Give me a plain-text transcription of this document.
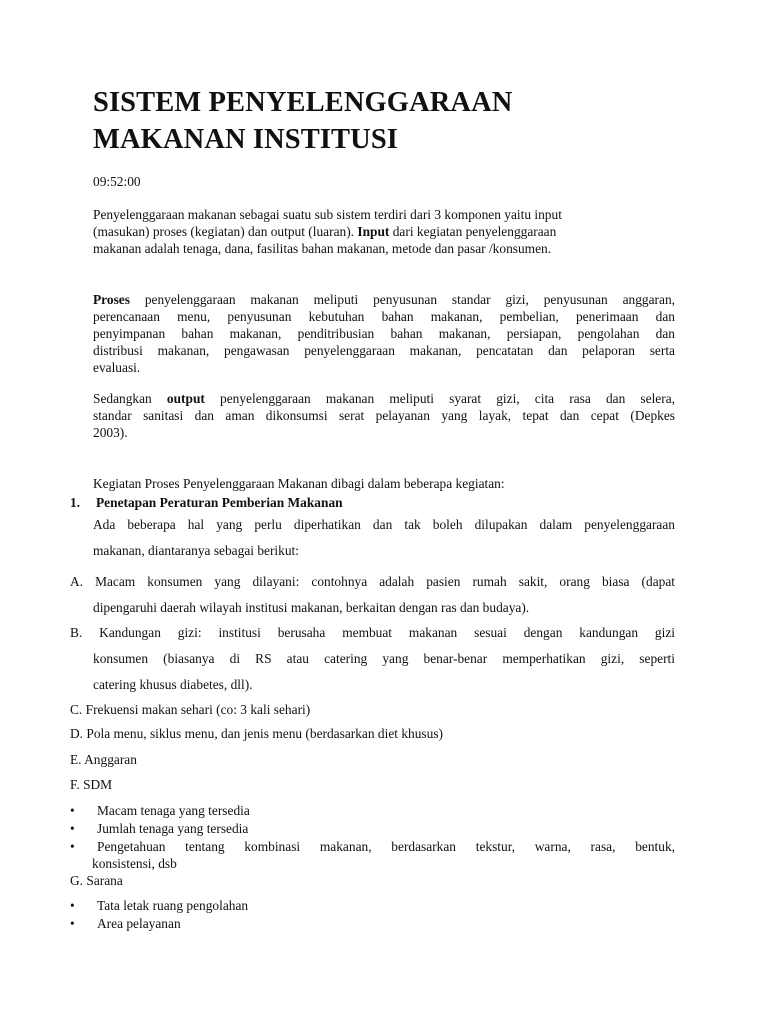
SISTEM PENYELENGGARAAN
MAKANAN INSTITUSI

09:52:00

Penyelenggaraan makanan sebagai suatu sub sistem terdiri dari 3 komponen yaitu input
(masukan) proses (kegiatan) dan output (luaran). Input dari kegiatan penyelenggaraan
makanan adalah tenaga, dana, fasilitas bahan makanan, metode dan pasar /konsumen.

Proses penyelenggaraan makanan meliputi penyusunan standar gizi, penyusunan anggaran,
perencanaan menu, penyusunan kebutuhan bahan makanan, pembelian, penerimaan dan
penyimpanan bahan makanan, penditribusian bahan makanan, persiapan, pengolahan dan
distribusi makanan, pengawasan penyelenggaraan makanan, pencatatan dan pelaporan serta
evaluasi.

Sedangkan output penyelenggaraan makanan meliputi syarat gizi, cita rasa dan selera,
standar sanitasi dan aman dikonsumsi serat pelayanan yang layak, tepat dan cepat (Depkes
2003).

Kegiatan Proses Penyelenggaraan Makanan dibagi dalam beberapa kegiatan:

1. Penetapan Peraturan Pemberian Makanan

Ada beberapa hal yang perlu diperhatikan dan tak boleh dilupakan dalam penyelenggaraan
makanan, diantaranya sebagai berikut:

A. Macam konsumen yang dilayani: contohnya adalah pasien rumah sakit, orang biasa (dapat
dipengaruhi daerah wilayah institusi makanan, berkaitan dengan ras dan budaya).

B. Kandungan gizi: institusi berusaha membuat makanan sesuai dengan kandungan gizi
konsumen (biasanya di RS atau catering yang benar-benar memperhatikan gizi, seperti
catering khusus diabetes, dll).

C. Frekuensi makan sehari (co: 3 kali sehari)

D. Pola menu, siklus menu, dan jenis menu (berdasarkan diet khusus)

E. Anggaran

F. SDM

• Macam tenaga yang tersedia
• Jumlah tenaga yang tersedia
• Pengetahuan tentang kombinasi makanan, berdasarkan tekstur, warna, rasa, bentuk,
konsistensi, dsb

G. Sarana

• Tata letak ruang pengolahan
• Area pelayanan
